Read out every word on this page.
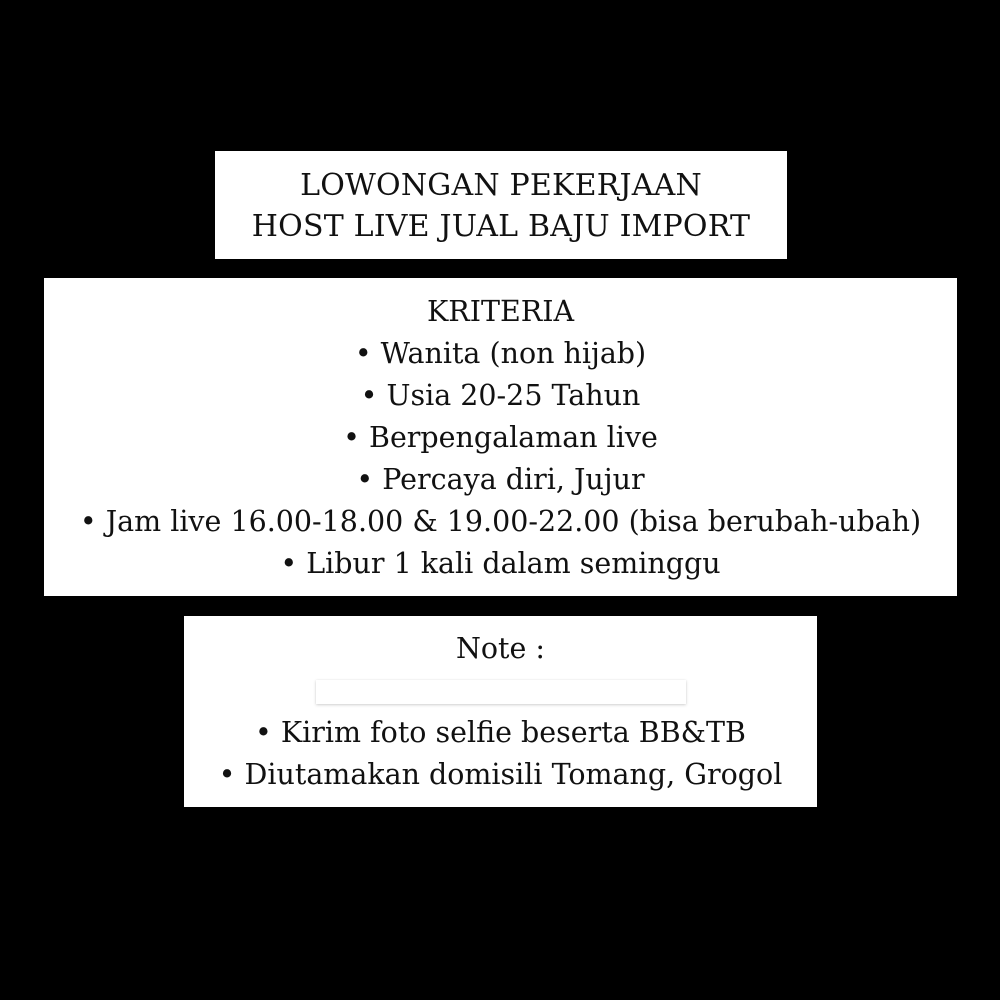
LOWONGAN PEKERJAAN
HOST LIVE JUAL BAJU IMPORT
KRITERIA
• Wanita (non hijab)
• Usia 20-25 Tahun
• Berpengalaman live
• Percaya diri, Jujur
• Jam live 16.00-18.00 & 19.00-22.00 (bisa berubah-ubah)
• Libur 1 kali dalam seminggu
Note :
• Kirim foto selfie beserta BB&TB
• Diutamakan domisili Tomang, Grogol
